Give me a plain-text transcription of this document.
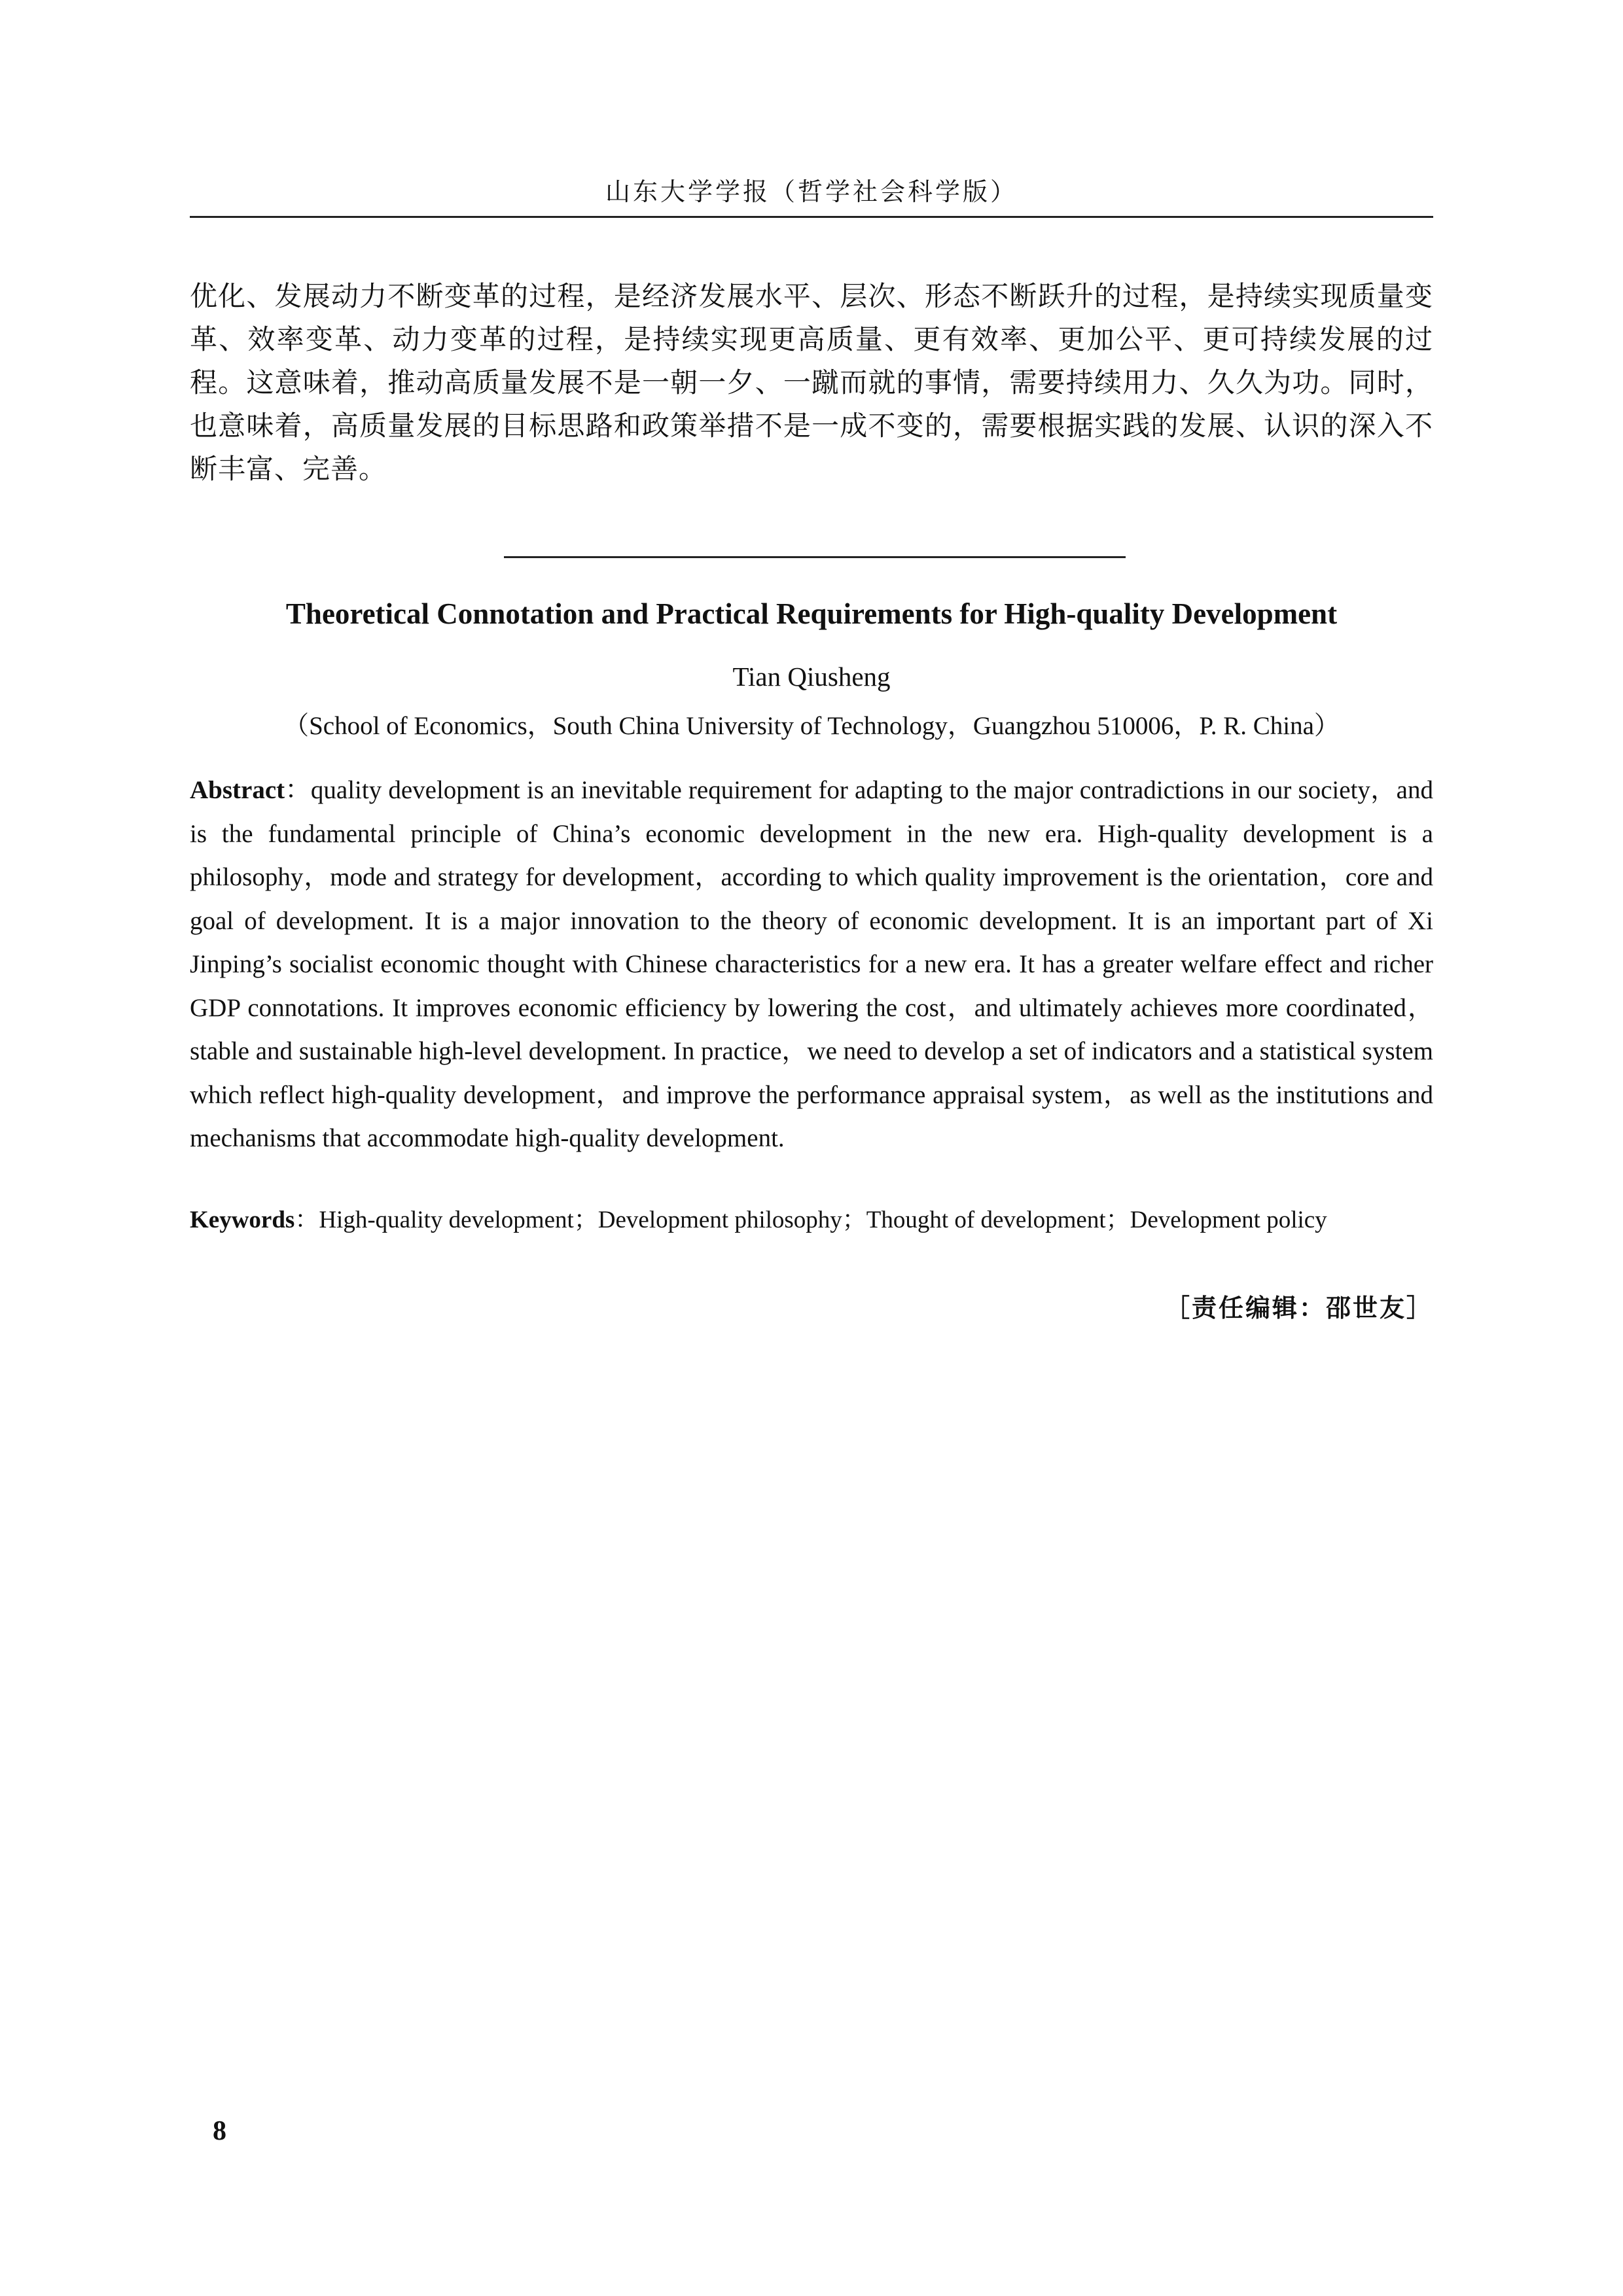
山东大学学报（哲学社会科学版）
优化、发展动力不断变革的过程，是经济发展水平、层次、形态不断跃升的过程，是持续实现质量变革、效率变革、动力变革的过程，是持续实现更高质量、更有效率、更加公平、更可持续发展的过程。这意味着，推动高质量发展不是一朝一夕、一蹴而就的事情，需要持续用力、久久为功。同时，也意味着，高质量发展的目标思路和政策举措不是一成不变的，需要根据实践的发展、认识的深入不断丰富、完善。
Theoretical Connotation and Practical Requirements for High-quality Development
Tian Qiusheng
（School of Economics，South China University of Technology，Guangzhou 510006，P. R. China）
Abstract：quality development is an inevitable requirement for adapting to the major contradictions in our society，and is the fundamental principle of China’s economic development in the new era. High-quality development is a philosophy，mode and strategy for development，according to which quality improvement is the orientation，core and goal of development. It is a major innovation to the theory of economic development. It is an important part of Xi Jinping’s socialist economic thought with Chinese characteristics for a new era. It has a greater welfare effect and richer GDP connotations. It improves economic efficiency by lowering the cost，and ultimately achieves more coordinated，stable and sustainable high-level development. In practice，we need to develop a set of indicators and a statistical system which reflect high-quality development，and improve the performance appraisal system，as well as the institutions and mechanisms that accommodate high-quality development.
Keywords：High-quality development；Development philosophy；Thought of development；Development policy
［责任编辑：邵世友］
8
